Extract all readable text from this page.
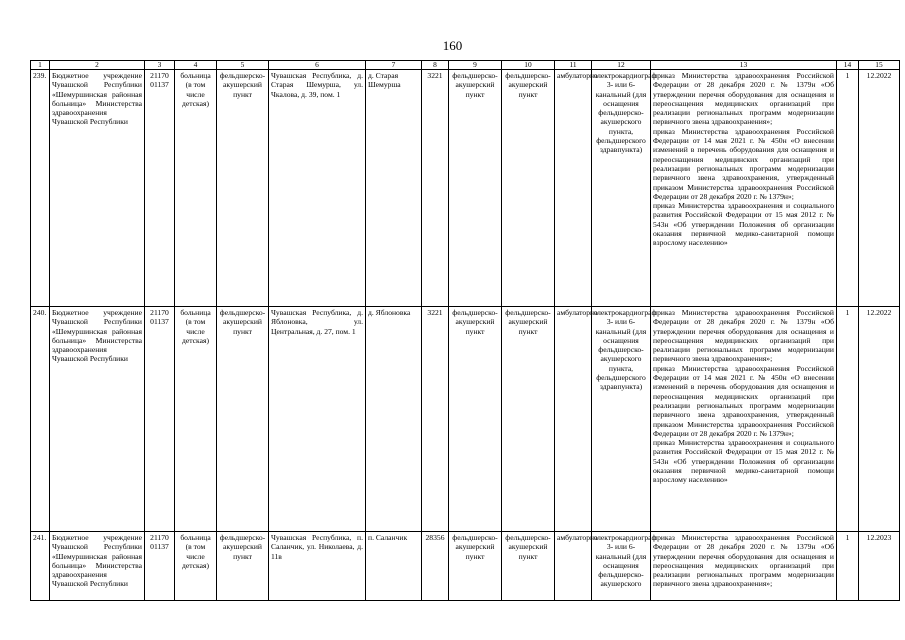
160
1	2	3	4	5	6	7	8	9	10	11	12	13	14	15
239.	Бюджетное учреждение Чувашской Республики «Шемуршинская районная больница» Министерства здравоохранения Чувашской Республики	21170 01137	больница (в том числе детская)	фельдшерско-акушерский пункт	Чувашская Республика, д. Старая Шемурша, ул. Чкалова, д. 39, пом. 1	д. Старая Шемурша	3221	фельдшерско-акушерский пункт	фельдшерско-акушерский пункт	амбулаторно	электрокардиограф 3- или 6-канальный (для оснащения фельдшерско-акушерского пункта, фельдшерского здравпункта)	приказ Министерства здравоохранения Российской Федерации от 28 декабря 2020 г. № 1379н «Об утверждении перечня оборудования для оснащения и переоснащения медицинских организаций при реализации региональных программ модернизации первичного звена здравоохранения»;

приказ Министерства здравоохранения Российской Федерации от 14 мая 2021 г. № 450н «О внесении изменений в перечень оборудования для оснащения и переоснащения медицинских организаций при реализации региональных программ модернизации первичного звена здравоохранения, утвержденный приказом Министерства здравоохранения Российской Федерации от 28 декабря 2020 г. № 1379н»;

приказ Министерства здравоохранения и социального развития Российской Федерации от 15 мая 2012 г. № 543н «Об утверждении Положения об организации оказания первичной медико-санитарной помощи взрослому населению»	1	12.2022
240.	Бюджетное учреждение Чувашской Республики «Шемуршинская районная больница» Министерства здравоохранения Чувашской Республики	21170 01137	больница (в том числе детская)	фельдшерско-акушерский пункт	Чувашская Республика, д. Яблоновка, ул. Центральная, д. 27, пом. 1	д. Яблоновка	3221	фельдшерско-акушерский пункт	фельдшерско-акушерский пункт	амбулаторно	электрокардиограф 3- или 6-канальный (для оснащения фельдшерско-акушерского пункта, фельдшерского здравпункта)	приказ Министерства здравоохранения Российской Федерации от 28 декабря 2020 г. № 1379н «Об утверждении перечня оборудования для оснащения и переоснащения медицинских организаций при реализации региональных программ модернизации первичного звена здравоохранения»;

приказ Министерства здравоохранения Российской Федерации от 14 мая 2021 г. № 450н «О внесении изменений в перечень оборудования для оснащения и переоснащения медицинских организаций при реализации региональных программ модернизации первичного звена здравоохранения, утвержденный приказом Министерства здравоохранения Российской Федерации от 28 декабря 2020 г. № 1379н»;

приказ Министерства здравоохранения и социального развития Российской Федерации от 15 мая 2012 г. № 543н «Об утверждении Положения об организации оказания первичной медико-санитарной помощи взрослому населению»	1	12.2022

241.	Бюджетное учреждение Чувашской Республики «Шемуршинская районная больница» Министерства здравоохранения Чувашской Республики	21170 01137	больница (в том числе детская)	фельдшерско-акушерский пункт	Чувашская Республика, п. Саланчик, ул. Николаева, д. 11в	п. Саланчик	28356	фельдшерско-акушерский пункт	фельдшерско-акушерский пункт	амбулаторно	электрокардиограф 3- или 6-канальный (для оснащения фельдшерско-акушерского	приказ Министерства здравоохранения Российской Федерации от 28 декабря 2020 г. № 1379н «Об утверждении перечня оборудования для оснащения и переоснащения медицинских организаций при реализации региональных программ модернизации первичного звена здравоохранения»;	1	12.2023
